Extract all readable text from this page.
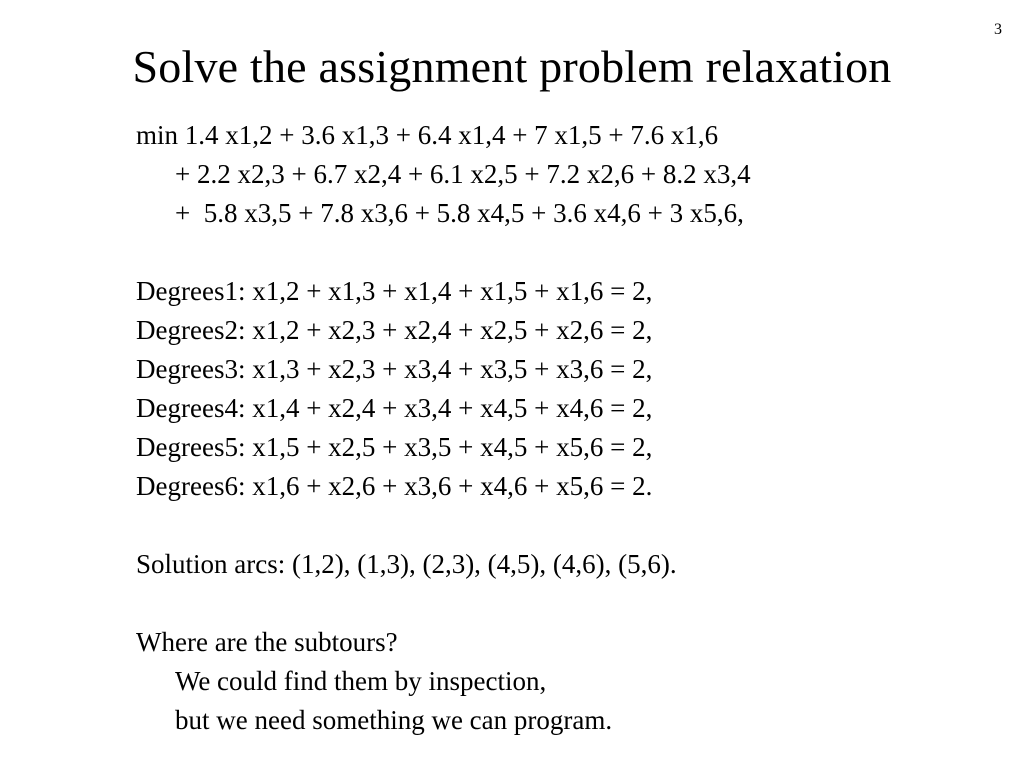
3
Solve the assignment problem relaxation
min 1.4 x1,2 + 3.6 x1,3 + 6.4 x1,4 + 7 x1,5 + 7.6 x1,6
+ 2.2 x2,3 + 6.7 x2,4 + 6.1 x2,5 + 7.2 x2,6 + 8.2 x3,4
+  5.8 x3,5 + 7.8 x3,6 + 5.8 x4,5 + 3.6 x4,6 + 3 x5,6,
Degrees1: x1,2 + x1,3 + x1,4 + x1,5 + x1,6 = 2,
Degrees2: x1,2 + x2,3 + x2,4 + x2,5 + x2,6 = 2,
Degrees3: x1,3 + x2,3 + x3,4 + x3,5 + x3,6 = 2,
Degrees4: x1,4 + x2,4 + x3,4 + x4,5 + x4,6 = 2,
Degrees5: x1,5 + x2,5 + x3,5 + x4,5 + x5,6 = 2,
Degrees6: x1,6 + x2,6 + x3,6 + x4,6 + x5,6 = 2.
Solution arcs: (1,2), (1,3), (2,3), (4,5), (4,6), (5,6).
Where are the subtours?
We could find them by inspection,
but we need something we can program.
